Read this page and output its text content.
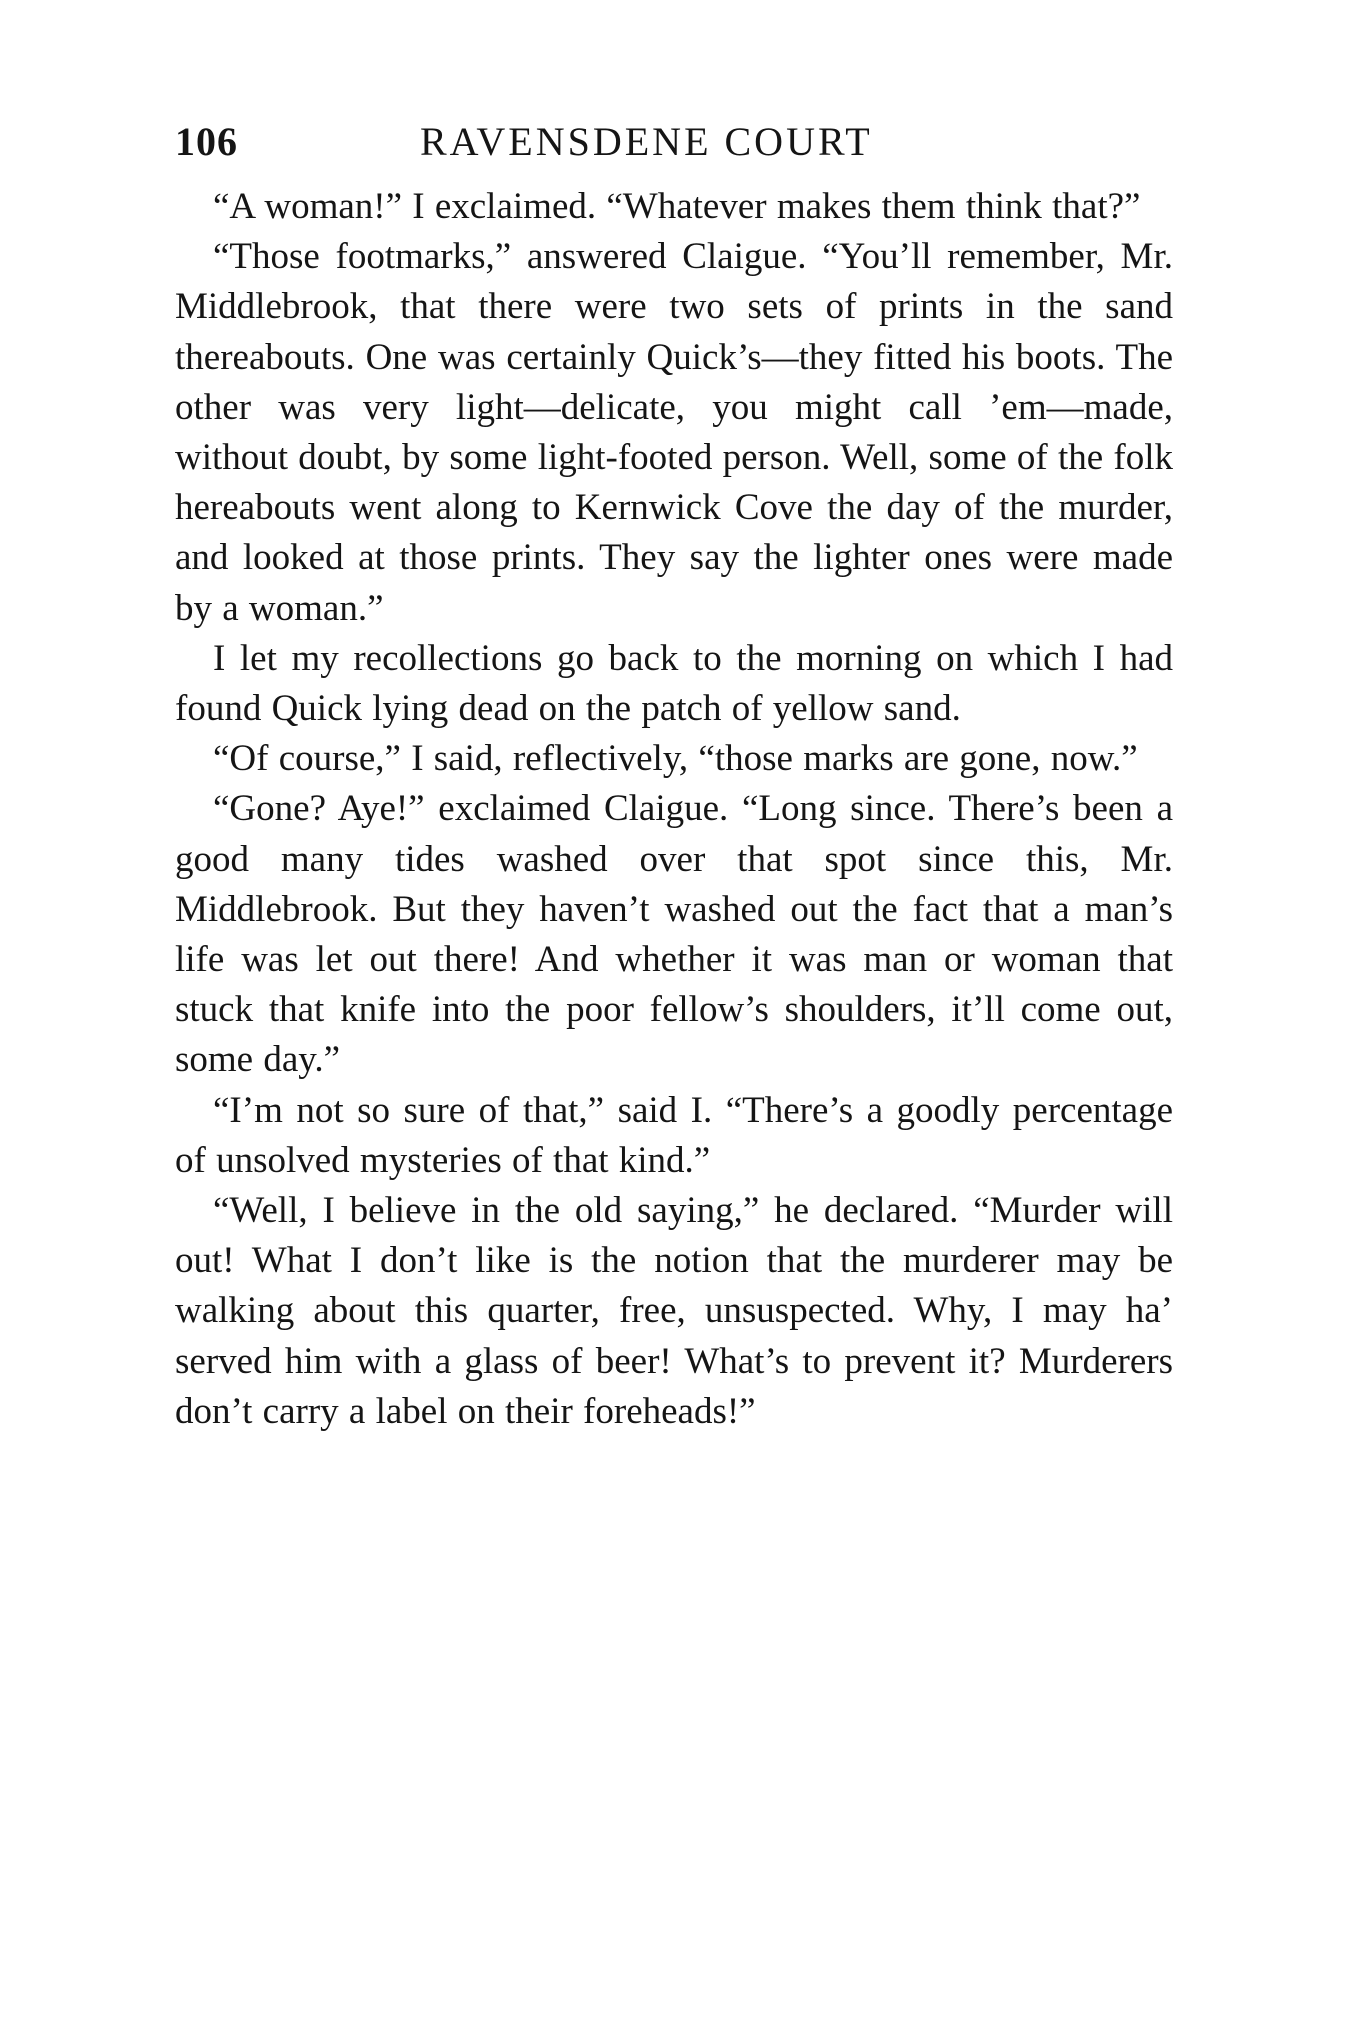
106	RAVENSDENE COURT

“A woman!” I exclaimed. “Whatever makes them think that?”

“Those footmarks,” answered Claigue. “You’ll remember, Mr. Middlebrook, that there were two sets of prints in the sand thereabouts. One was certainly Quick’s—they fitted his boots. The other was very light—delicate, you might call ’em—made, without doubt, by some light-footed person. Well, some of the folk hereabouts went along to Kernwick Cove the day of the murder, and looked at those prints. They say the lighter ones were made by a woman.”

I let my recollections go back to the morning on which I had found Quick lying dead on the patch of yellow sand.

“Of course,” I said, reflectively, “those marks are gone, now.”

“Gone? Aye!” exclaimed Claigue. “Long since. There’s been a good many tides washed over that spot since this, Mr. Middlebrook. But they haven’t washed out the fact that a man’s life was let out there! And whether it was man or woman that stuck that knife into the poor fellow’s shoulders, it’ll come out, some day.”

“I’m not so sure of that,” said I. “There’s a goodly percentage of unsolved mysteries of that kind.”

“Well, I believe in the old saying,” he declared. “Murder will out! What I don’t like is the notion that the murderer may be walking about this quarter, free, unsuspected. Why, I may ha’ served him with a glass of beer! What’s to prevent it? Murderers don’t carry a label on their foreheads!”
